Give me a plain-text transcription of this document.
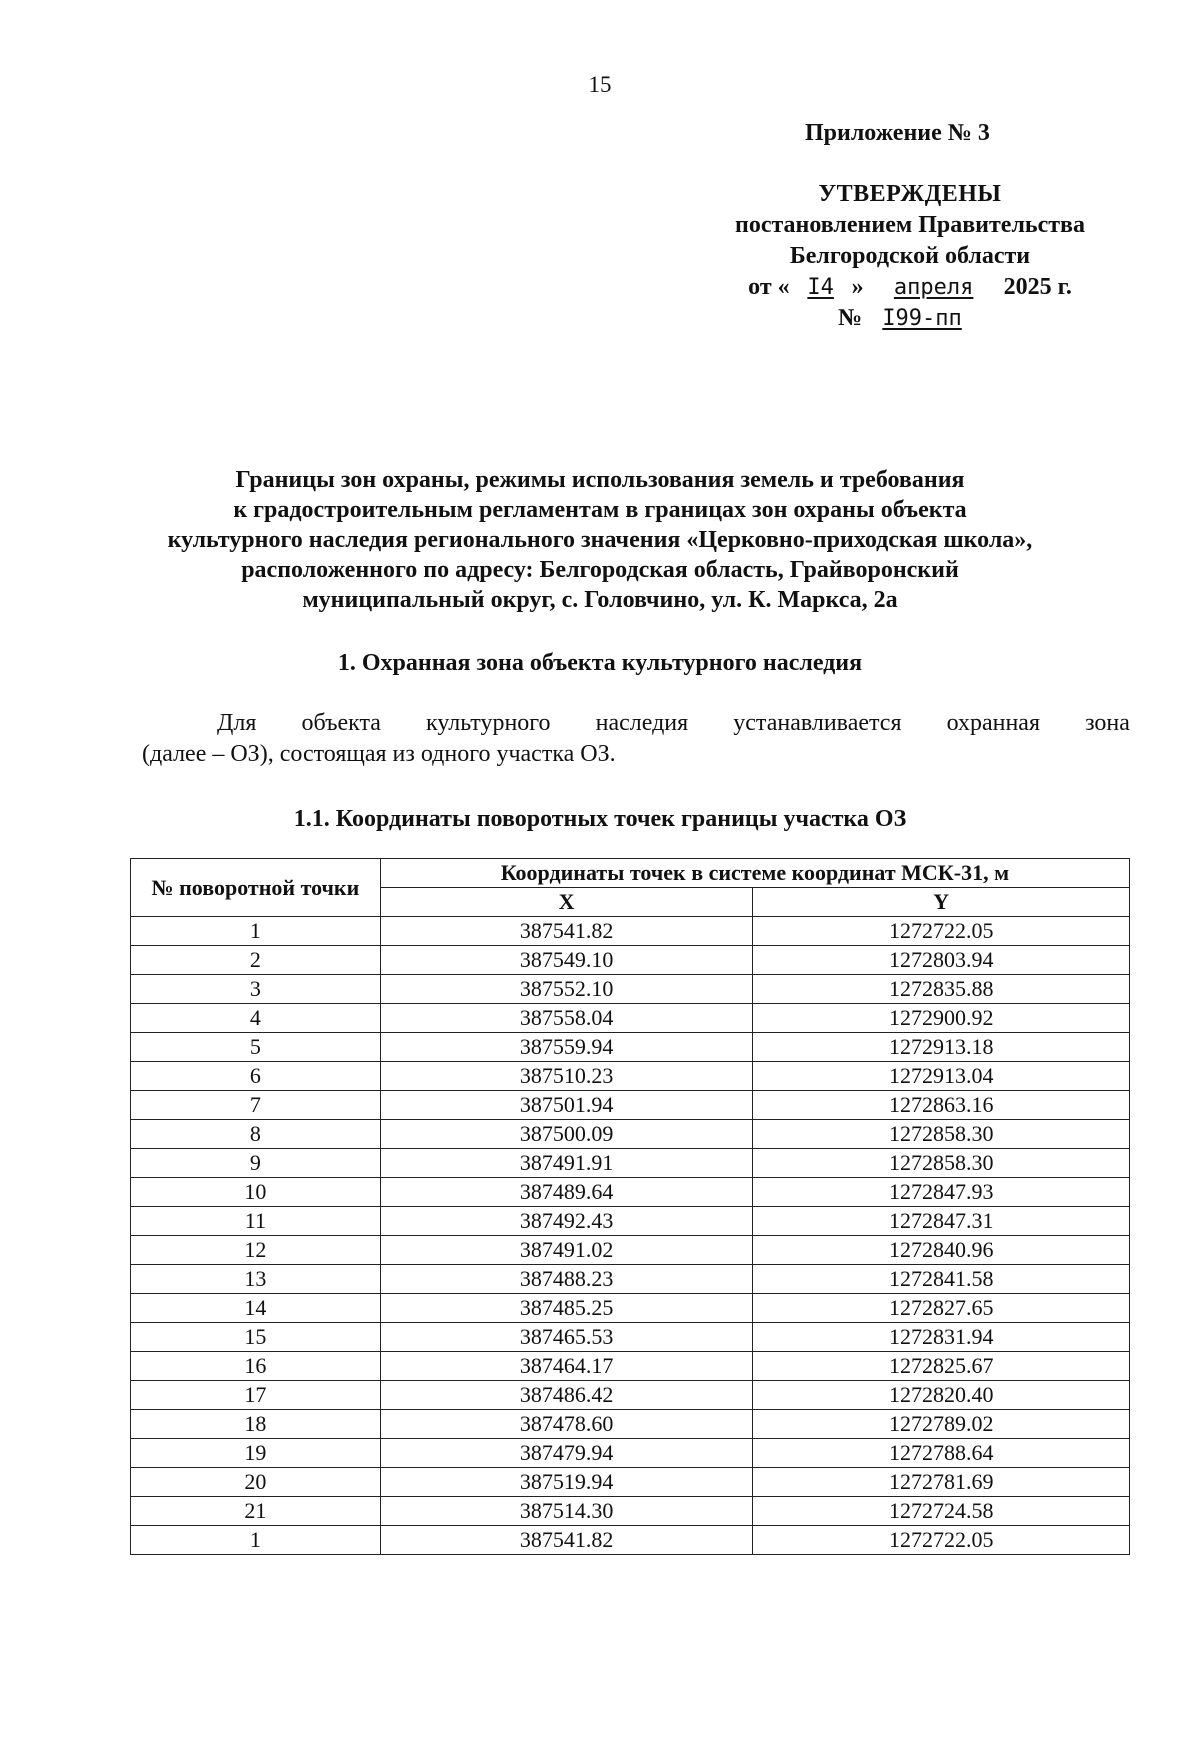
15
Приложение № 3
УТВЕРЖДЕНЫ
постановлением Правительства
Белгородской области
от « I4 » апреля 2025 г.
№ I99-пп
Границы зон охраны, режимы использования земель и требования
к градостроительным регламентам в границах зон охраны объекта
культурного наследия регионального значения «Церковно-приходская школа»,
расположенного по адресу: Белгородская область, Грайворонский
муниципальный округ, с. Головчино, ул. К. Маркса, 2а
1. Охранная зона объекта культурного наследия
Для объекта культурного наследия устанавливается охранная зона
(далее – ОЗ), состоящая из одного участка ОЗ.
1.1. Координаты поворотных точек границы участка ОЗ
№ поворотной точки	Координаты точек в системе координат МСК-31, м	
	X	Y
1	387541.82	1272722.05
2	387549.10	1272803.94
3	387552.10	1272835.88
4	387558.04	1272900.92
5	387559.94	1272913.18
6	387510.23	1272913.04
7	387501.94	1272863.16
8	387500.09	1272858.30
9	387491.91	1272858.30
10	387489.64	1272847.93
11	387492.43	1272847.31
12	387491.02	1272840.96
13	387488.23	1272841.58
14	387485.25	1272827.65
15	387465.53	1272831.94
16	387464.17	1272825.67
17	387486.42	1272820.40
18	387478.60	1272789.02
19	387479.94	1272788.64
20	387519.94	1272781.69
21	387514.30	1272724.58
1	387541.82	1272722.05
